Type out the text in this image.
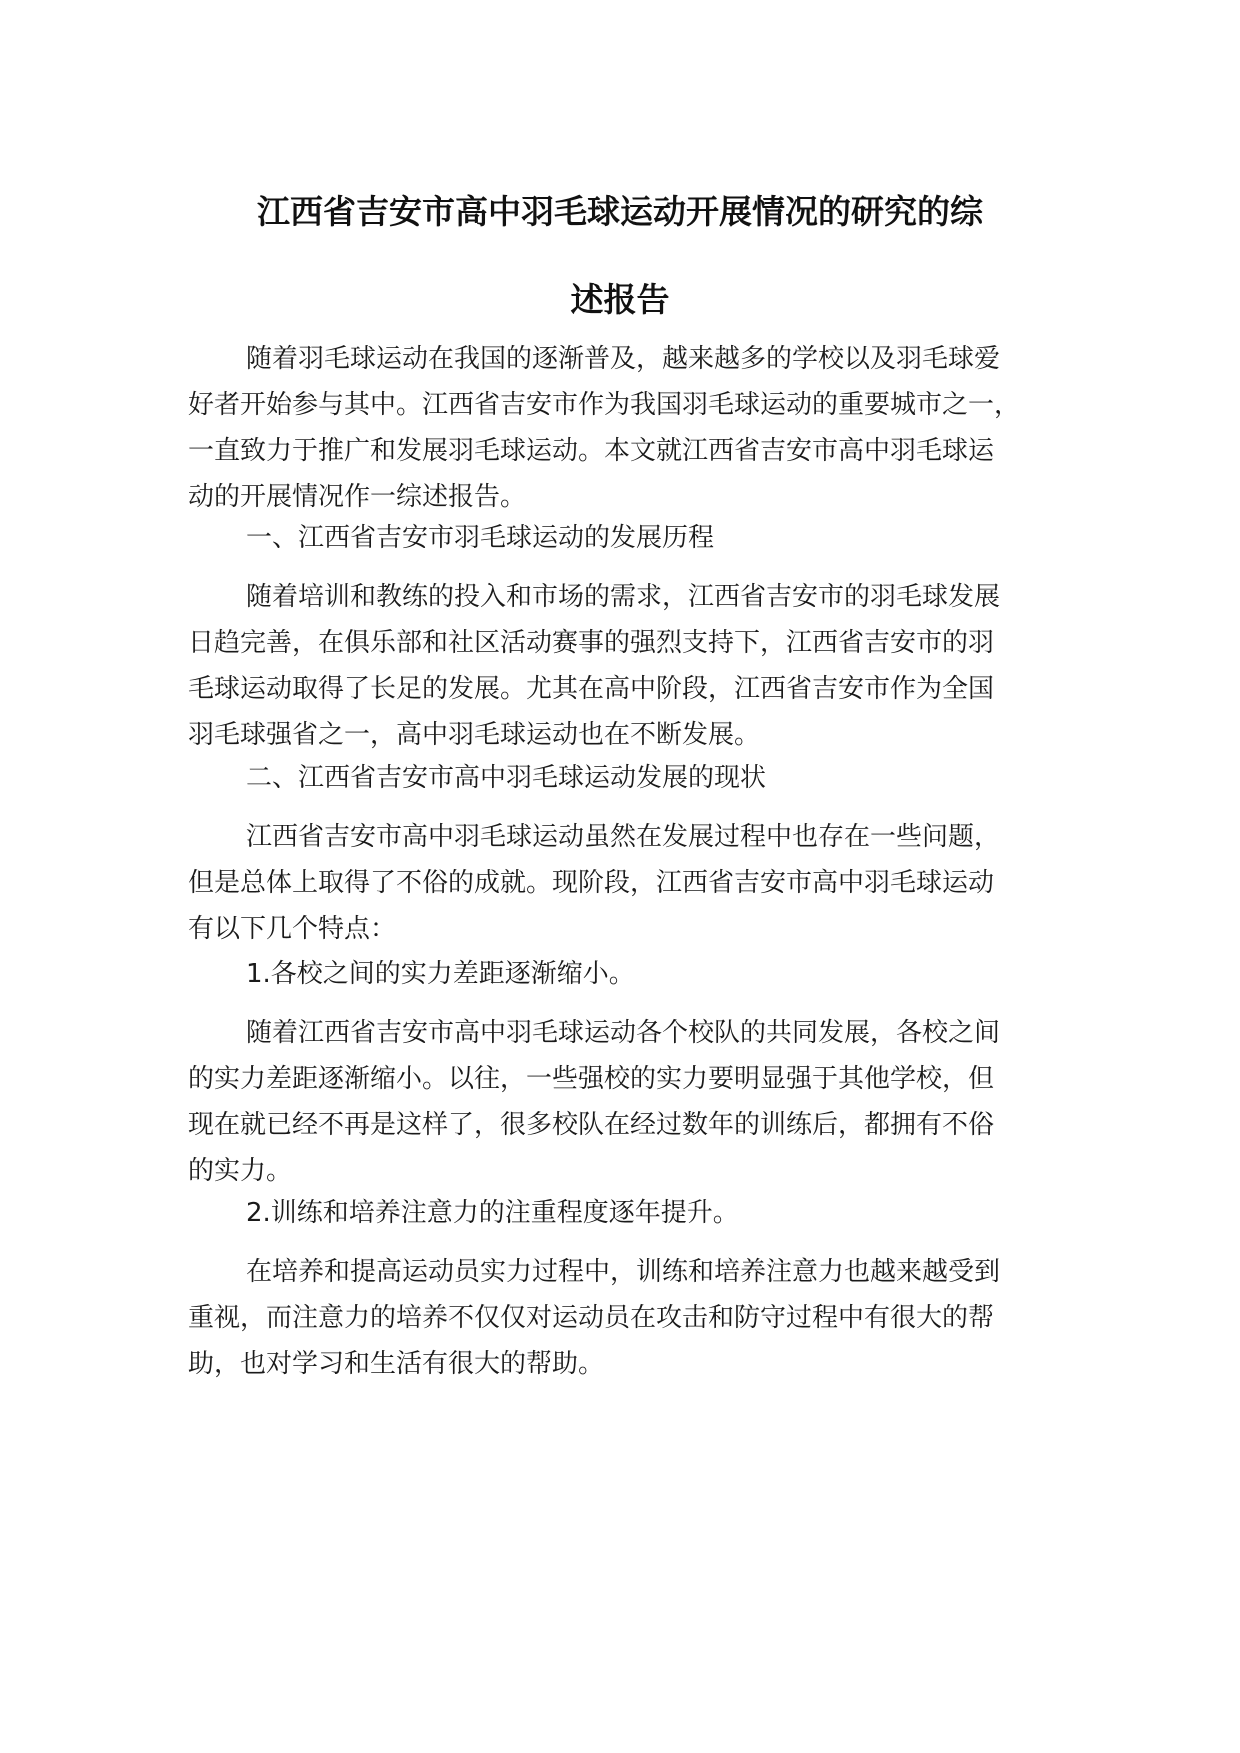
江西省吉安市高中羽毛球运动开展情况的研究的综
述报告
随着羽毛球运动在我国的逐渐普及，越来越多的学校以及羽毛球爱
好者开始参与其中。江西省吉安市作为我国羽毛球运动的重要城市之一，
一直致力于推广和发展羽毛球运动。本文就江西省吉安市高中羽毛球运
动的开展情况作一综述报告。
一、江西省吉安市羽毛球运动的发展历程
随着培训和教练的投入和市场的需求，江西省吉安市的羽毛球发展
日趋完善，在俱乐部和社区活动赛事的强烈支持下，江西省吉安市的羽
毛球运动取得了长足的发展。尤其在高中阶段，江西省吉安市作为全国
羽毛球强省之一，高中羽毛球运动也在不断发展。
二、江西省吉安市高中羽毛球运动发展的现状
江西省吉安市高中羽毛球运动虽然在发展过程中也存在一些问题，
但是总体上取得了不俗的成就。现阶段，江西省吉安市高中羽毛球运动
有以下几个特点：
1.各校之间的实力差距逐渐缩小。
随着江西省吉安市高中羽毛球运动各个校队的共同发展，各校之间
的实力差距逐渐缩小。以往，一些强校的实力要明显强于其他学校，但
现在就已经不再是这样了，很多校队在经过数年的训练后，都拥有不俗
的实力。
2.训练和培养注意力的注重程度逐年提升。
在培养和提高运动员实力过程中，训练和培养注意力也越来越受到
重视，而注意力的培养不仅仅对运动员在攻击和防守过程中有很大的帮
助，也对学习和生活有很大的帮助。
